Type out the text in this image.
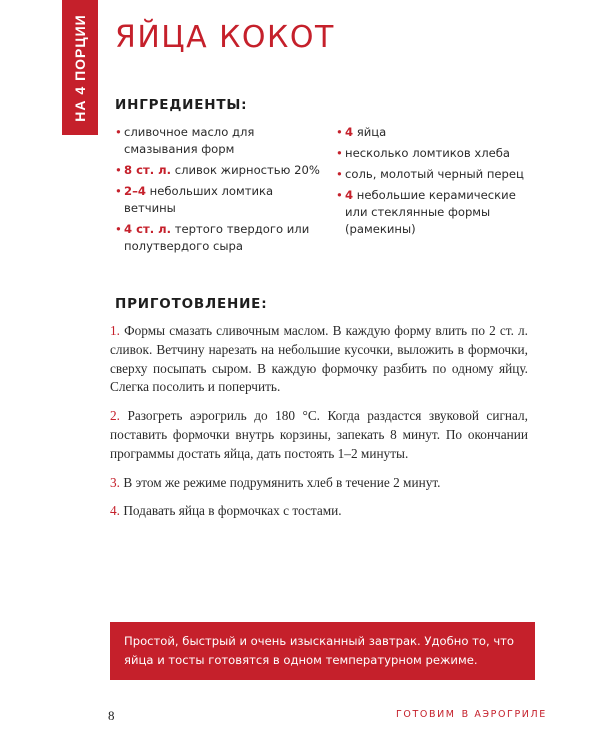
НА 4 ПОРЦИИ ЯЙЦА КОКОТ
ИНГРЕДИЕНТЫ:
• сливочное масло для смазывания форм
• 8 ст. л. сливок жирностью 20%
• 2–4 небольших ломтика ветчины
• 4 ст. л. тертого твердого или полутвердого сыра
• 4 яйца
• несколько ломтиков хлеба
• соль, молотый черный перец
• 4 небольшие керамические или стеклянные формы (рамекины)
ПРИГОТОВЛЕНИЕ:

1. Формы смазать сливочным маслом. В каждую форму влить по 2 ст. л. сливок. Ветчину нарезать на небольшие кусочки, выложить в формочки, сверху посыпать сыром. В каждую формочку разбить по одному яйцу. Слегка посолить и поперчить.

2. Разогреть аэрогриль до 180 °С. Когда раздастся звуковой сигнал, поставить формочки внутрь корзины, запекать 8 минут. По окончании программы достать яйца, дать постоять 1–2 минуты.

3. В этом же режиме подрумянить хлеб в течение 2 минут.

4. Подавать яйца в формочках с тостами.

Простой, быстрый и очень изысканный завтрак. Удобно то, что яйца и тосты готовятся в одном температурном режиме.
8	ГОТОВИМ В АЭРОГРИЛЕ
